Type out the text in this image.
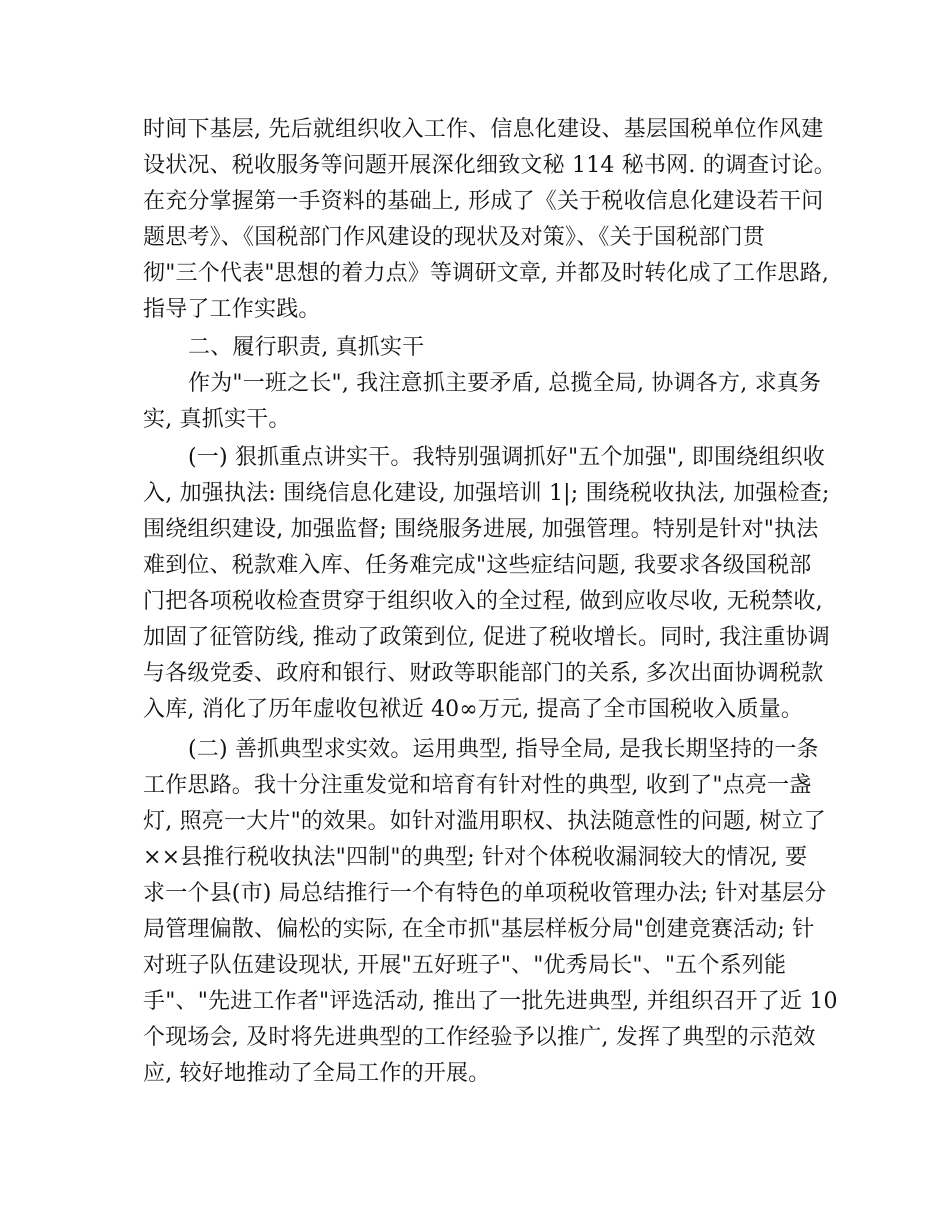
时间下基层, 先后就组织收入工作、信息化建设、基层国税单位作风建
设状况、税收服务等问题开展深化细致文秘 114 秘书网. 的调查讨论。
在充分掌握第一手资料的基础上, 形成了《关于税收信息化建设若干问
题思考》、《国税部门作风建设的现状及对策》、《关于国税部门贯
彻"三个代表"思想的着力点》等调研文章, 并都及时转化成了工作思路,
指导了工作实践。
二、履行职责, 真抓实干
作为"一班之长", 我注意抓主要矛盾, 总揽全局, 协调各方, 求真务
实, 真抓实干。
(一) 狠抓重点讲实干。我特别强调抓好"五个加强", 即围绕组织收
入, 加强执法: 围绕信息化建设, 加强培训 1|; 围绕税收执法, 加强检查;
围绕组织建设, 加强监督; 围绕服务进展, 加强管理。特别是针对"执法
难到位、税款难入库、任务难完成"这些症结问题, 我要求各级国税部
门把各项税收检查贯穿于组织收入的全过程, 做到应收尽收, 无税禁收,
加固了征管防线, 推动了政策到位, 促进了税收增长。同时, 我注重协调
与各级党委、政府和银行、财政等职能部门的关系, 多次出面协调税款
入库, 消化了历年虚收包袱近 40∞万元, 提高了全市国税收入质量。
(二) 善抓典型求实效。运用典型, 指导全局, 是我长期坚持的一条
工作思路。我十分注重发觉和培育有针对性的典型, 收到了"点亮一盏
灯, 照亮一大片"的效果。如针对滥用职权、执法随意性的问题, 树立了
××县推行税收执法"四制"的典型; 针对个体税收漏洞较大的情况, 要
求一个县(市) 局总结推行一个有特色的单项税收管理办法; 针对基层分
局管理偏散、偏松的实际, 在全市抓"基层样板分局"创建竞赛活动; 针
对班子队伍建设现状, 开展"五好班子"、"优秀局长"、"五个系列能
手"、"先进工作者"评选活动, 推出了一批先进典型, 并组织召开了近 10
个现场会, 及时将先进典型的工作经验予以推广, 发挥了典型的示范效
应, 较好地推动了全局工作的开展。
